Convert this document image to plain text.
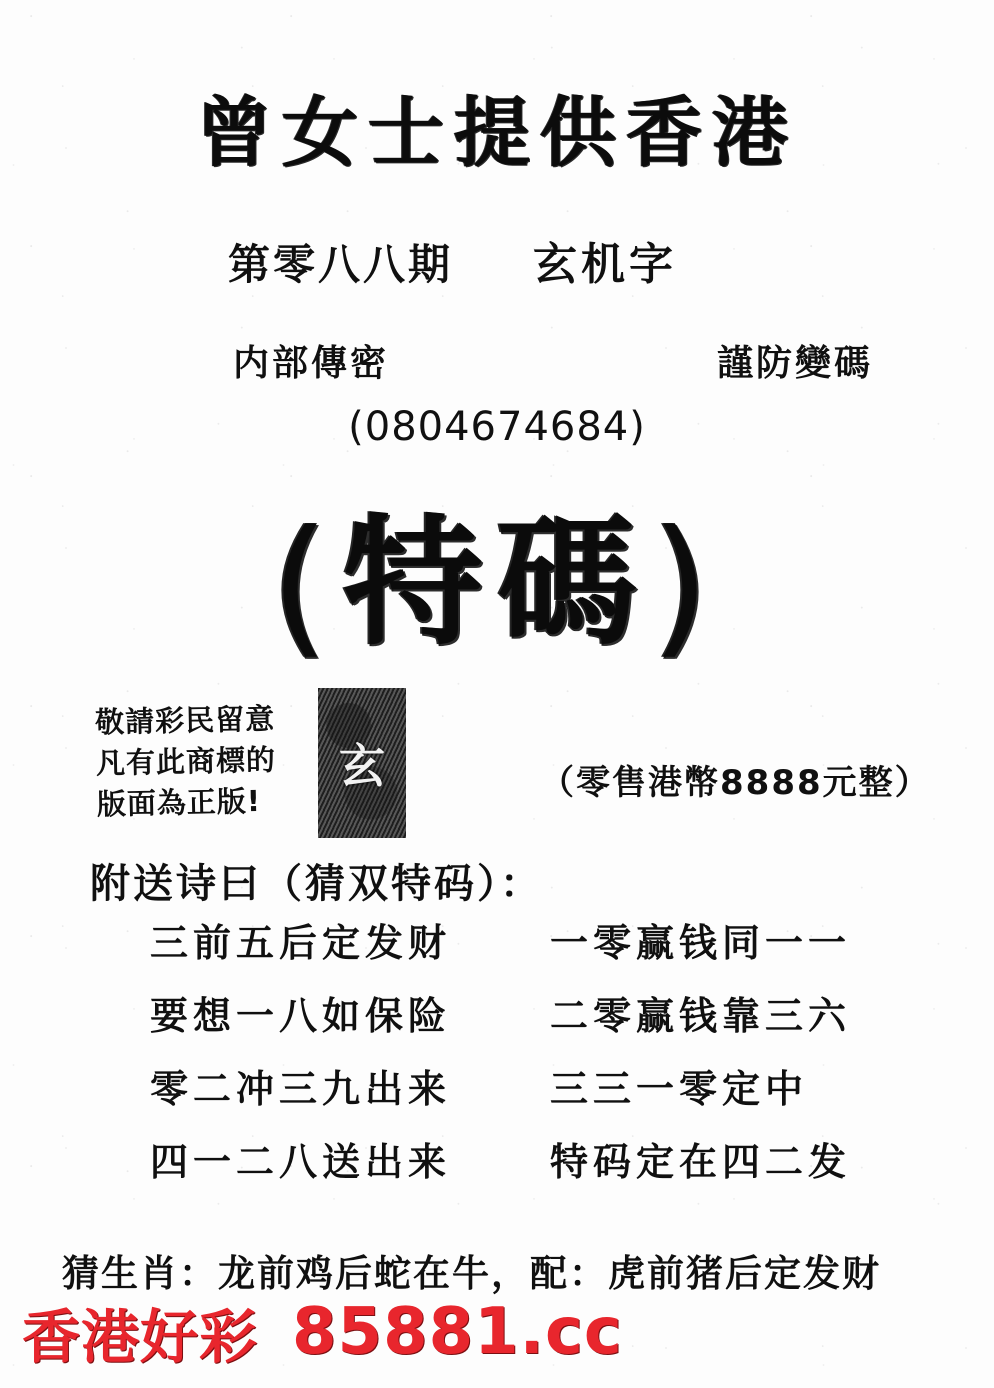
曾女士提供香港
第零八八期 玄机字
内部傳密	謹防變碼
(0804674684)
(特碼)
敬請彩民留意
凡有此商標的
版面為正版!
玄	（零售港幣8888元整）
附送诗曰（猜双特码）：
三前五后定发财	一零赢钱同一一
要想一八如保险	二零赢钱靠三六
零二冲三九出来	三三一零定中
四一二八送出来	特码定在四二发
猜生肖：龙前鸡后蛇在牛，配：虎前猪后定发财
香港好彩 85881.cc
